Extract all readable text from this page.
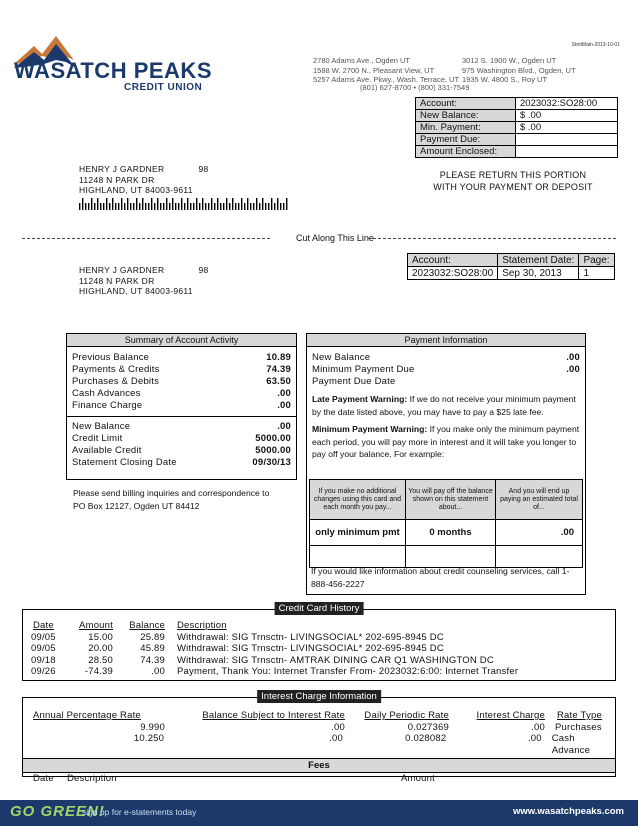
StmtMain-2013-10-01
WASATCH PEAKS
CREDIT UNION
2780 Adams Ave., Ogden UT
1588 W. 2700 N., Pleasant View, UT
5257 Adams Ave. Pkwy., Wash. Terrace, UT
3012 S. 1900 W., Ogden UT
975 Washington Blvd., Ogden, UT
1935 W. 4800 S., Roy UT
(801) 627-8700 • (800) 331-7549
Account:	2023032:SO28:00
New Balance:	$ .00
Min. Payment:	$ .00
Payment Due:	
Amount Enclosed:	
HENRY J GARDNER	98
11248 N PARK DR
HIGHLAND, UT 84003-9611
PLEASE RETURN THIS PORTION
WITH YOUR PAYMENT OR DEPOSIT
Cut Along This Line
Account:	Statement Date:	Page:
2023032:SO28:00	Sep 30, 2013	1
HENRY J GARDNER	98
11248 N PARK DR
HIGHLAND, UT 84003-9611
Summary of Account Activity
Previous Balance	10.89
Payments & Credits	74.39
Purchases & Debits	63.50
Cash Advances	.00
Finance Charge	.00
New Balance	.00
Credit Limit	5000.00
Available Credit	5000.00
Statement Closing Date	09/30/13
Please send billing inquiries and correspondence to
PO Box 12127, Ogden UT 84412
Payment Information
New Balance	.00
Minimum Payment Due	.00
Payment Due Date
Late Payment Warning: If we do not receive your minimum payment by the date listed above, you may have to pay a $25 late fee.
Minimum Payment Warning: If you make only the minimum payment each period, you will pay more in interest and it will take you longer to pay off your balance. For example:
If you make no additional changes using this card and each month you pay...	You will pay off the balance shown on this statement about...	And you will end up paying an estimated total of...
only minimum pmt	0 months	.00

If you would like information about credit counseling services, call 1-888-456-2227
Credit Card History
Date	Amount	Balance	Description
09/05	15.00	25.89	Withdrawal: SIG Trnsctn- LIVINGSOCIAL* 202-695-8945 DC
09/05	20.00	45.89	Withdrawal: SIG Trnsctn- LIVINGSOCIAL* 202-695-8945 DC
09/18	28.50	74.39	Withdrawal: SIG Trnsctn- AMTRAK DINING CAR Q1 WASHINGTON DC
09/26	-74.39	.00	Payment, Thank You: Internet Transfer From- 2023032:6:00: Internet Transfer
Interest Charge Information
Annual Percentage Rate	Balance Subject to Interest Rate	Daily Periodic Rate	Interest Charge	Rate Type
9.990	.00	0.027369	.00	Purchases
10.250	.00	0.028082	.00	Cash Advance
Fees
Date	Description	Amount
GO GREEN!
sign up for e-statements today	www.wasatchpeaks.com
